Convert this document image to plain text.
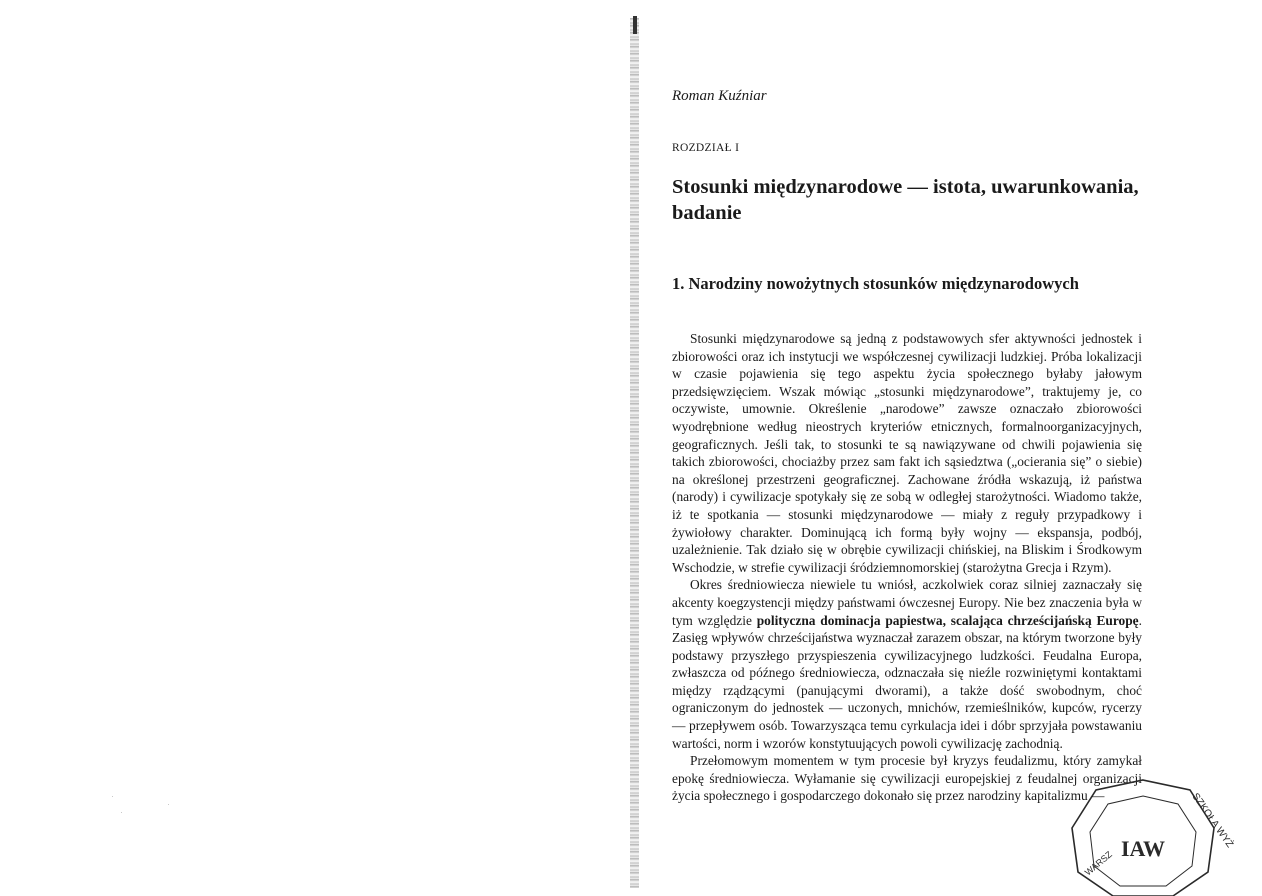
Roman Kuźniar
ROZDZIAŁ I
Stosunki międzynarodowe — istota, uwarunkowania, badanie
1. Narodziny nowożytnych stosunków międzynarodowych

Stosunki międzynarodowe są jedną z podstawowych sfer aktywności jednostek i zbiorowości oraz ich instytucji we współczesnej cywilizacji ludzkiej. Próba lokalizacji w czasie pojawienia się tego aspektu życia społecznego byłaby jałowym przedsięwzięciem. Wszak mówiąc „stosunki międzynarodowe”, traktujemy je, co oczywiste, umownie. Określenie „narodowe” zawsze oznaczało zbiorowości wyodrębnione według nieostrych kryteriów etnicznych, formalnoorganizacyjnych, geograficznych. Jeśli tak, to stosunki te są nawiązywane od chwili pojawienia się takich zbiorowości, chociażby przez sam fakt ich sąsiedztwa („ocierania się” o siebie) na określonej przestrzeni geograficznej. Zachowane źródła wskazują, iż państwa (narody) i cywilizacje spotykały się ze sobą w odległej starożytności. Wiadomo także, iż te spotkania — stosunki międzynarodowe — miały z reguły przypadkowy i żywiołowy charakter. Dominującą ich formą były wojny — ekspansja, podbój, uzależnienie. Tak działo się w obrębie cywilizacji chińskiej, na Bliskim i Środkowym Wschodzie, w strefie cywilizacji śródziemnomorskiej (starożytna Grecja i Rzym).

Okres średniowiecza niewiele tu wniósł, aczkolwiek coraz silniej zaznaczały się akcenty koegzystencji między państwami ówczesnej Europy. Nie bez znaczenia była w tym względzie polityczna dominacja papiestwa, scalająca chrześcijańską Europę. Zasięg wpływów chrześcijaństwa wyznaczał zarazem obszar, na którym tworzone były podstawy przyszłego przyspieszenia cywilizacyjnego ludzkości. Feudalna Europa, zwłaszcza od późnego średniowiecza, odznaczała się nieźle rozwiniętymi kontaktami między rządzącymi (panującymi dworami), a także dość swobodnym, choć ograniczonym do jednostek — uczonych, mnichów, rzemieślników, kupców, rycerzy — przepływem osób. Towarzysząca temu cyrkulacja idei i dóbr sprzyjała powstawaniu wartości, norm i wzorów konstytuujących powoli cywilizację zachodnią.

Przełomowym momentem w tym procesie był kryzys feudalizmu, który zamykał epokę średniowiecza. Wyłamanie się cywilizacji europejskiej z feudalnej organizacji życia społecznego i gospodarczego dokonało się przez narodziny kapitalizmu —	SZKOŁA WYŻ
IAW
WARSZ
